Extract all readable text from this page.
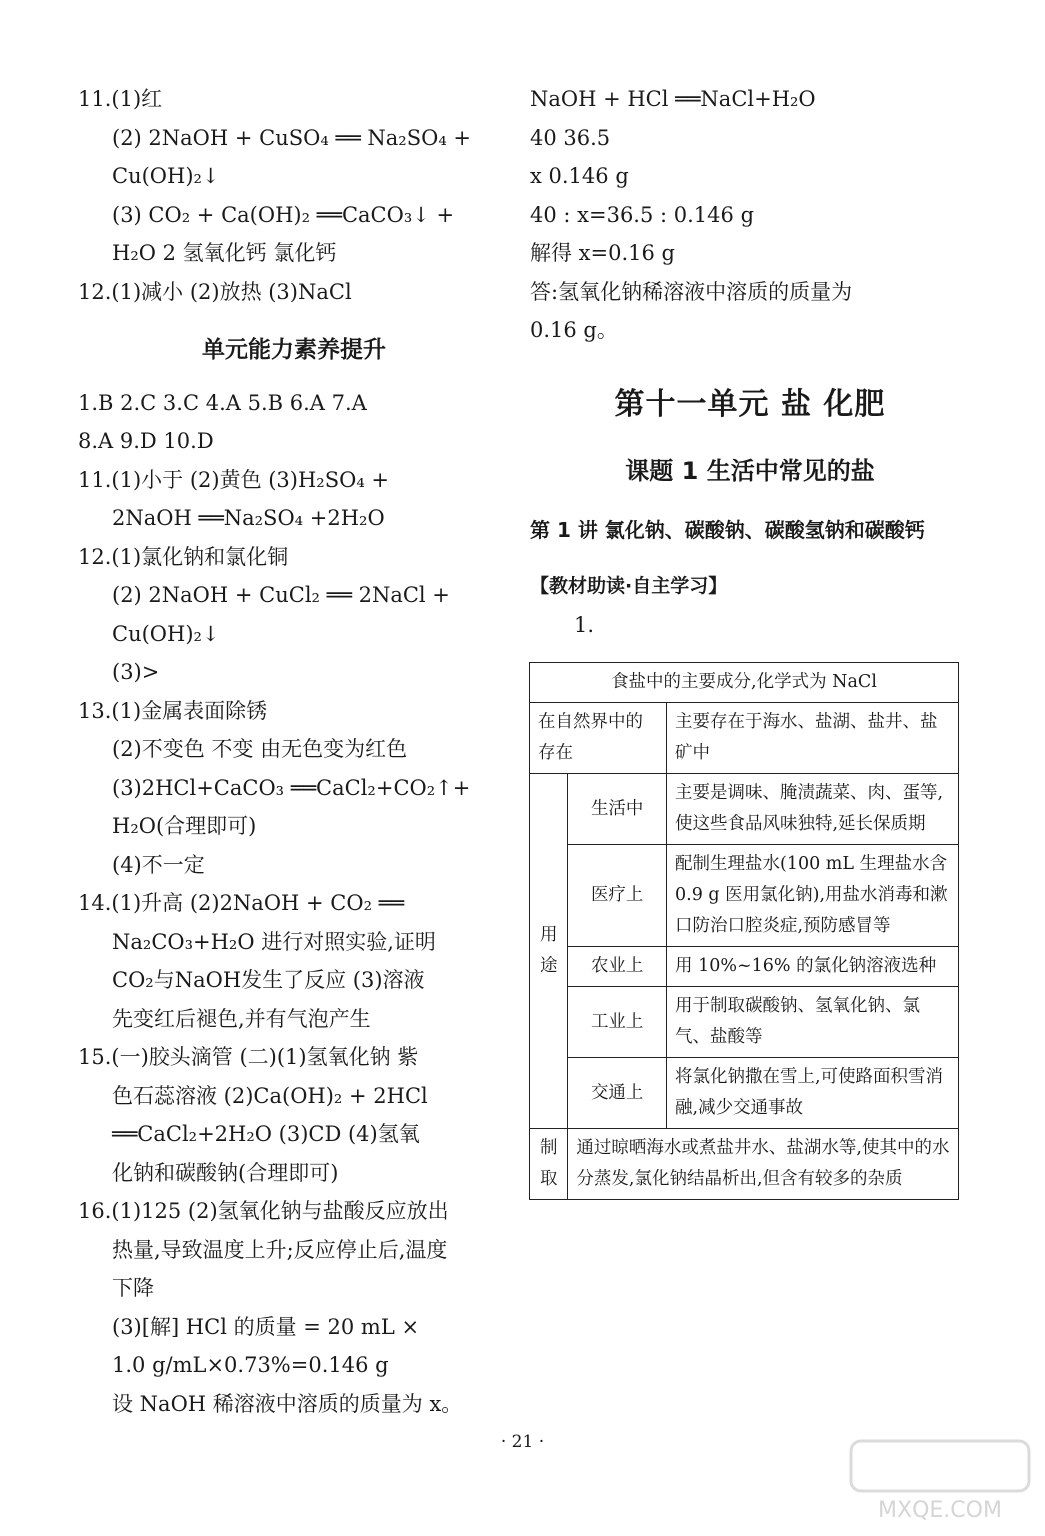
11.(1)红
(2) 2NaOH + CuSO₄ ══ Na₂SO₄ +
Cu(OH)₂↓
(3) CO₂ + Ca(OH)₂ ══CaCO₃↓ +
H₂O 2 氢氧化钙 氯化钙
12.(1)减小 (2)放热 (3)NaCl
单元能力素养提升
1.B 2.C 3.C 4.A 5.B 6.A 7.A
8.A 9.D 10.D
11.(1)小于 (2)黄色 (3)H₂SO₄ +
2NaOH ══Na₂SO₄ +2H₂O
12.(1)氯化钠和氯化铜
(2) 2NaOH + CuCl₂ ══ 2NaCl +
Cu(OH)₂↓
(3)>
13.(1)金属表面除锈
(2)不变色 不变 由无色变为红色
(3)2HCl+CaCO₃ ══CaCl₂+CO₂↑+
H₂O(合理即可)
(4)不一定
14.(1)升高 (2)2NaOH + CO₂ ══
Na₂CO₃+H₂O 进行对照实验,证明
CO₂与NaOH发生了反应 (3)溶液
先变红后褪色,并有气泡产生
15.(一)胶头滴管 (二)(1)氢氧化钠 紫
色石蕊溶液 (2)Ca(OH)₂ + 2HCl
══CaCl₂+2H₂O (3)CD (4)氢氧
化钠和碳酸钠(合理即可)
16.(1)125 (2)氢氧化钠与盐酸反应放出
热量,导致温度上升;反应停止后,温度
下降
(3)[解] HCl 的质量 = 20 mL ×
1.0 g/mL×0.73%=0.146 g
设 NaOH 稀溶液中溶质的质量为 x。
NaOH + HCl ══NaCl+H₂O
40 36.5
x 0.146 g
40 : x=36.5 : 0.146 g
解得 x=0.16 g
答:氢氧化钠稀溶液中溶质的质量为
0.16 g。
第十一单元 盐 化肥
课题 1 生活中常见的盐
第 1 讲 氯化钠、碳酸钠、碳酸氢钠和碳酸钙
【教材助读·自主学习】
1.
食盐中的主要成分,化学式为 NaCl		
在自然界中的存在		主要存在于海水、盐湖、盐井、盐矿中
用途	生活中	主要是调味、腌渍蔬菜、肉、蛋等,使这些食品风味独特,延长保质期
	医疗上	配制生理盐水(100 mL 生理盐水含 0.9 g 医用氯化钠),用盐水消毒和漱口防治口腔炎症,预防感冒等
	农业上	用 10%~16% 的氯化钠溶液选种
	工业上	用于制取碳酸钠、氢氧化钠、氯气、盐酸等
	交通上	将氯化钠撒在雪上,可使路面积雪消融,减少交通事故
制取	通过晾晒海水或煮盐井水、盐湖水等,使其中的水分蒸发,氯化钠结晶析出,但含有较多的杂质	
· 21 ·
MXQE.COM
